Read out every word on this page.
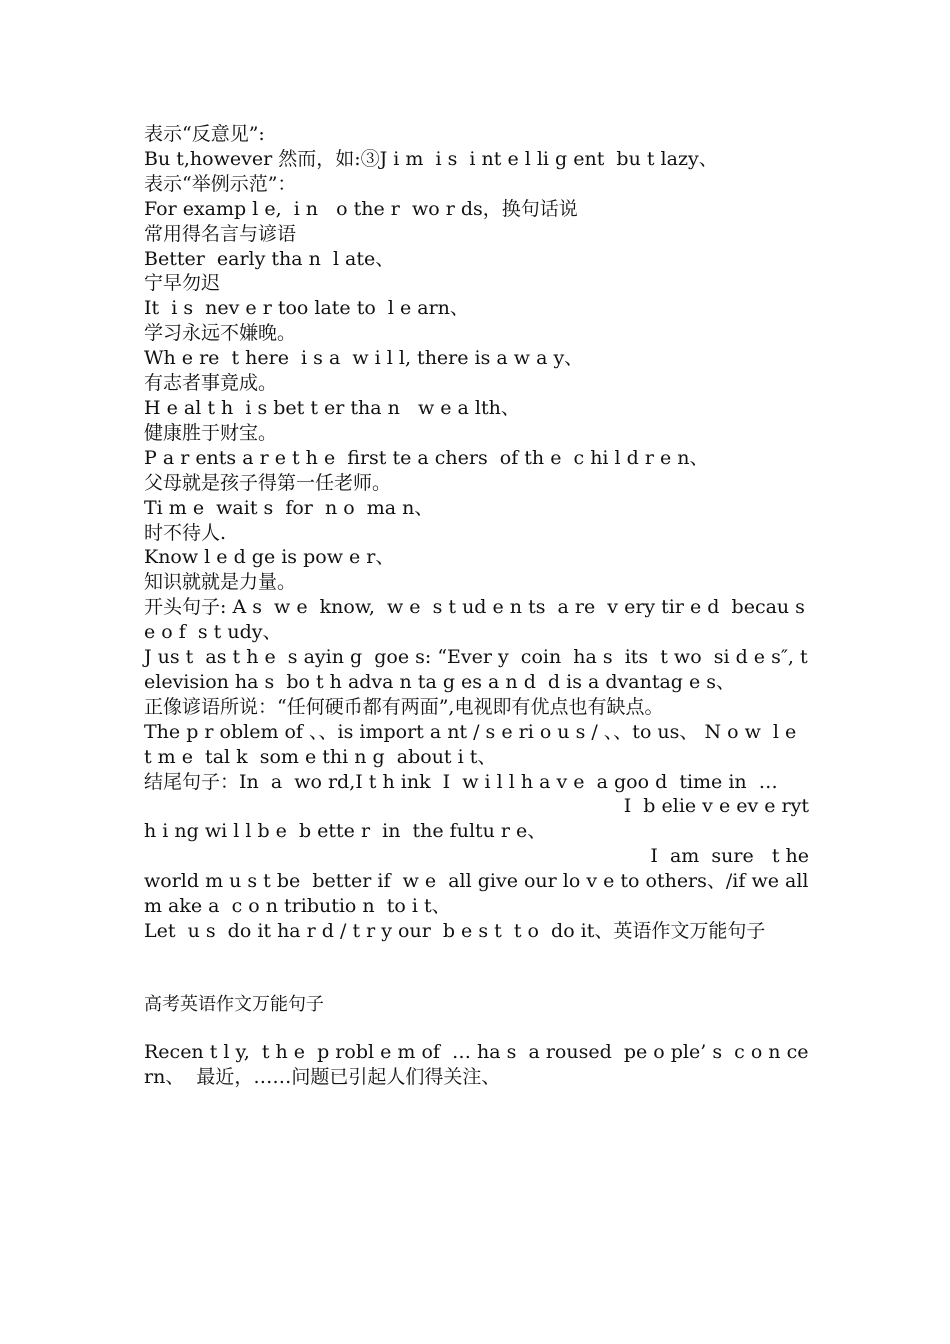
表示“反意见”:
Bu t,however 然而，如:③J i m  i s  i nt e l li g ent  bu t lazy、
表示“举例示范”：
For examp l e,  i n   o the r  wo r ds，换句话说
常用得名言与谚语
Better  early tha n  l ate、
宁早勿迟
It  i s  nev e r too late to  l e arn、
学习永远不嫌晚。
Wh e re  t here  i s a  w i l l, there is a w a y、
有志者事竟成。
H e al t h  i s bet t er tha n   w e a lth、
健康胜于财宝。
P a r ents a r e t h e  first te a chers  of th e  c hi l d r e n、
父母就是孩子得第一任老师。
Ti m e  wait s  for  n o  ma n、
时不待人.
Know l e d ge is pow e r、
知识就就是力量。
开头句子: A s  w e  know,  w e  s t ud e n ts  a re  v ery tir e d  becau s e o f  s t udy、
J us t  as t h e  s ayin g  goe s: “Ever y  coin  ha s  its  t wo  si d e s″, t elevision ha s  bo t h adva n ta g es a n d  d is a dvantag e s、
正像谚语所说：“任何硬币都有两面”,电视即有优点也有缺点。
The p r oblem of 、、is import a nt / s e ri o u s / 、、to us、 N o w  l e t m e  tal k  som e thi n g  about i t、
结尾句子：In  a  wo rd,I t h ink  I  w i l l h a v e  a goo d  time in  …
I  b elie v e ev e ryt
h i ng wi l l b e  b ette r  in  the fultu r e、
I  am  sure   t he
world m u s t be  better if  w e  all give our lo v e to others、/if we all m ake a  c o n tributio n  to i t、
Let  u s  do it ha r d / t r y our  b e s t  t o  do it、英语作文万能句子
高考英语作文万能句子
Recen t l y,  t h e  p robl e m of  … ha s  a roused  pe o ple’ s  c o n cern、  最近，……问题已引起人们得关注、
